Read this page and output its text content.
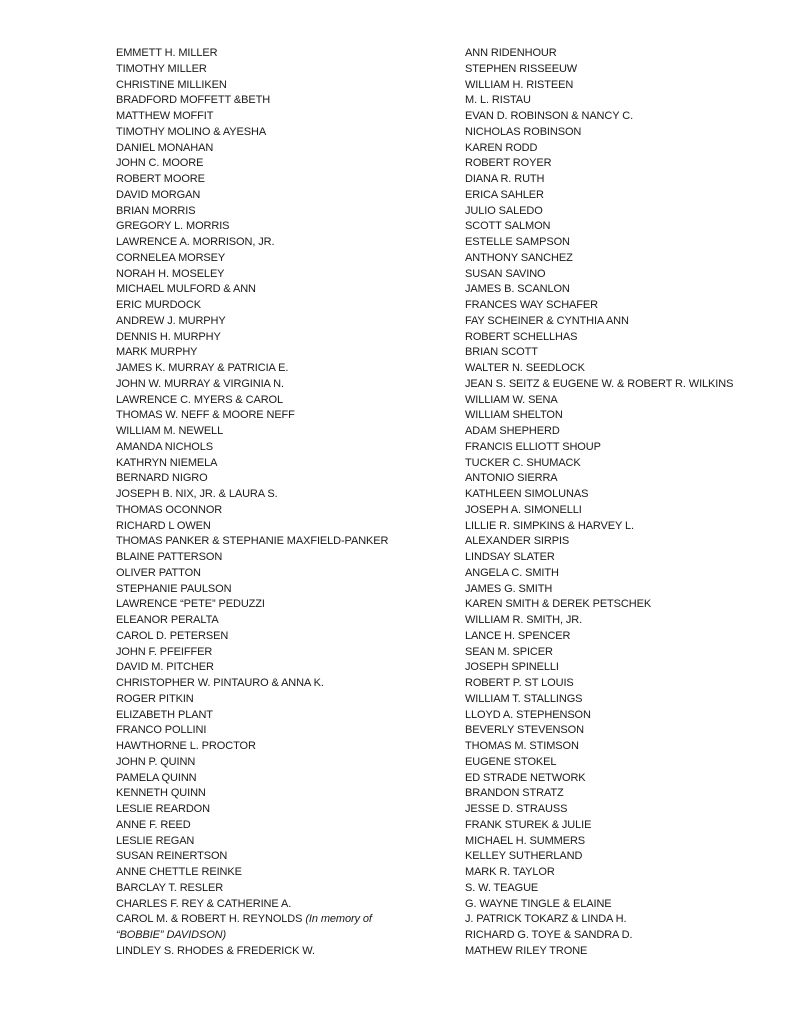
EMMETT H. MILLER
TIMOTHY MILLER
CHRISTINE MILLIKEN
BRADFORD MOFFETT &BETH
MATTHEW MOFFIT
TIMOTHY MOLINO & AYESHA
DANIEL MONAHAN
JOHN C. MOORE
ROBERT MOORE
DAVID MORGAN
BRIAN MORRIS
GREGORY L. MORRIS
LAWRENCE A. MORRISON, JR.
CORNELEA MORSEY
NORAH H. MOSELEY
MICHAEL MULFORD & ANN
ERIC MURDOCK
ANDREW J. MURPHY
DENNIS H. MURPHY
MARK MURPHY
JAMES K. MURRAY & PATRICIA E.
JOHN W. MURRAY & VIRGINIA N.
LAWRENCE C. MYERS & CAROL
THOMAS W. NEFF & MOORE NEFF
WILLIAM M. NEWELL
AMANDA NICHOLS
KATHRYN NIEMELA
BERNARD NIGRO
JOSEPH B. NIX, JR. & LAURA S.
THOMAS OCONNOR
RICHARD L OWEN
THOMAS PANKER & STEPHANIE MAXFIELD-PANKER
BLAINE PATTERSON
OLIVER PATTON
STEPHANIE PAULSON
LAWRENCE “PETE” PEDUZZI
ELEANOR PERALTA
CAROL D. PETERSEN
JOHN F. PFEIFFER
DAVID M. PITCHER
CHRISTOPHER W. PINTAURO & ANNA K.
ROGER PITKIN
ELIZABETH PLANT
FRANCO POLLINI
HAWTHORNE L. PROCTOR
JOHN P. QUINN
PAMELA QUINN
KENNETH QUINN
LESLIE REARDON
ANNE F. REED
LESLIE REGAN
SUSAN REINERTSON
ANNE CHETTLE REINKE
BARCLAY T. RESLER
CHARLES F. REY & CATHERINE A.
CAROL M. & ROBERT H. REYNOLDS (In memory of
“BOBBIE” DAVIDSON)
LINDLEY S. RHODES & FREDERICK W.
ANN RIDENHOUR
STEPHEN RISSEEUW
WILLIAM H. RISTEEN
M. L. RISTAU
EVAN D. ROBINSON & NANCY C.
NICHOLAS ROBINSON
KAREN RODD
ROBERT ROYER
DIANA R. RUTH
ERICA SAHLER
JULIO SALEDO
SCOTT SALMON
ESTELLE SAMPSON
ANTHONY SANCHEZ
SUSAN SAVINO
JAMES B. SCANLON
FRANCES WAY SCHAFER
FAY SCHEINER & CYNTHIA ANN
ROBERT SCHELLHAS
BRIAN SCOTT
WALTER N. SEEDLOCK
JEAN S. SEITZ & EUGENE W. & ROBERT R. WILKINS
WILLIAM W. SENA
WILLIAM SHELTON
ADAM SHEPHERD
FRANCIS ELLIOTT SHOUP
TUCKER C. SHUMACK
ANTONIO SIERRA
KATHLEEN SIMOLUNAS
JOSEPH A. SIMONELLI
LILLIE R. SIMPKINS & HARVEY L.
ALEXANDER SIRPIS
LINDSAY SLATER
ANGELA C. SMITH
JAMES G. SMITH
KAREN SMITH & DEREK PETSCHEK
WILLIAM R. SMITH, JR.
LANCE H. SPENCER
SEAN M. SPICER
JOSEPH SPINELLI
ROBERT P. ST LOUIS
WILLIAM T. STALLINGS
LLOYD A. STEPHENSON
BEVERLY STEVENSON
THOMAS M. STIMSON
EUGENE STOKEL
ED STRADE NETWORK
BRANDON STRATZ
JESSE D. STRAUSS
FRANK STUREK & JULIE
MICHAEL H. SUMMERS
KELLEY SUTHERLAND
MARK R. TAYLOR
S. W. TEAGUE
G. WAYNE TINGLE & ELAINE
J. PATRICK TOKARZ & LINDA H.
RICHARD G. TOYE & SANDRA D.
MATHEW RILEY TRONE
